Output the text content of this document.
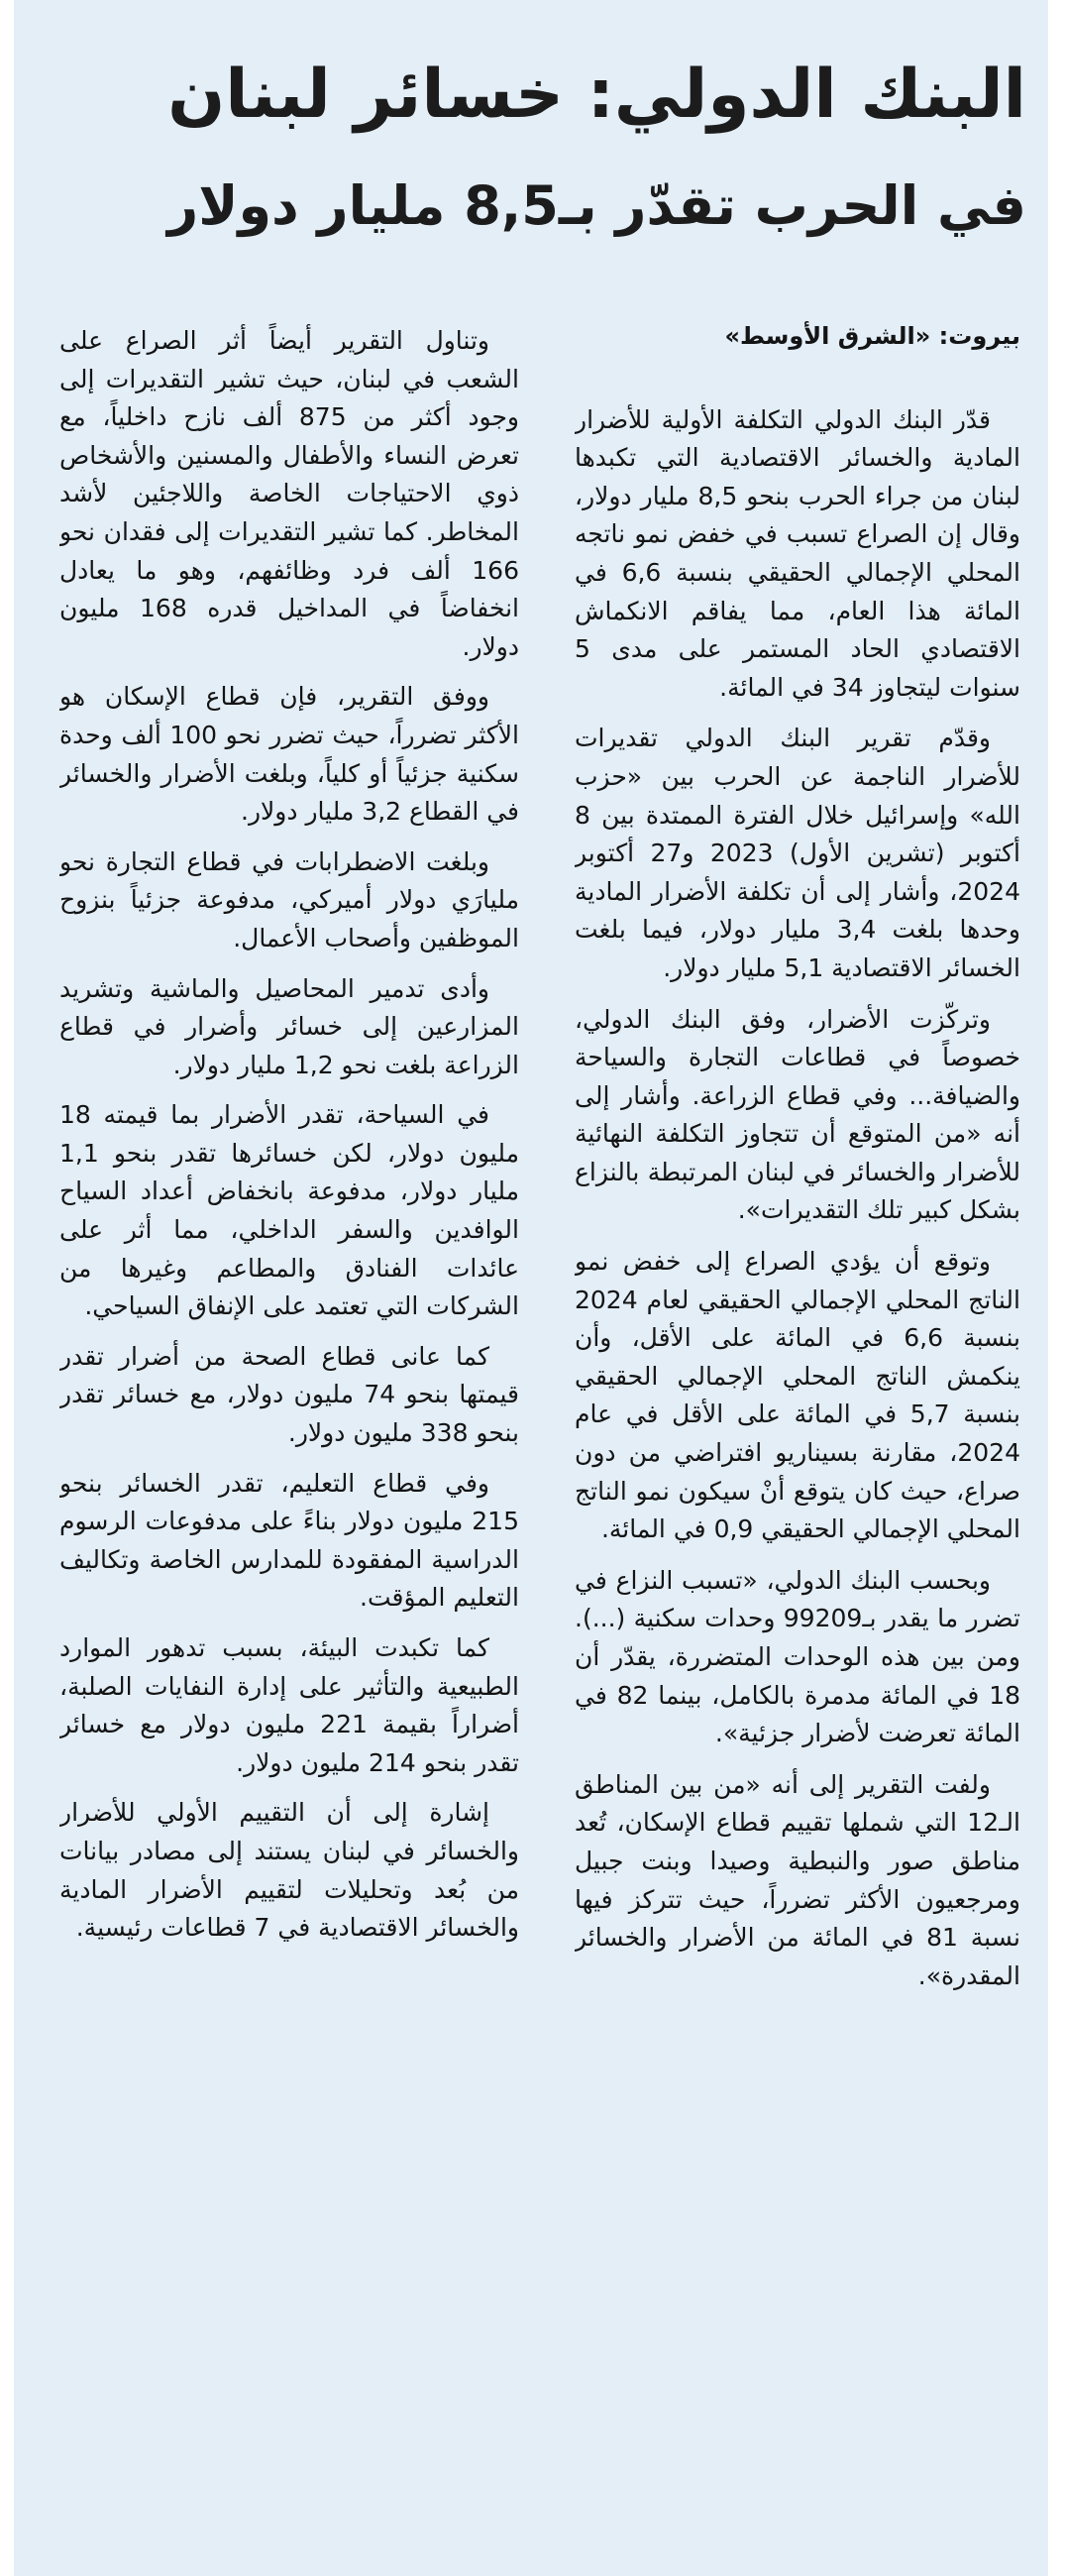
البنك الدولي: خسائر لبنان
في الحرب تقدّر بـ8,5 مليار دولار
بيروت: «الشرق الأوسط»

قدّر البنك الدولي التكلفة الأولية للأضرار المادية والخسائر الاقتصادية التي تكبدها لبنان من جراء الحرب بنحو 8,5 مليار دولار، وقال إن الصراع تسبب في خفض نمو ناتجه المحلي الإجمالي الحقيقي بنسبة 6,6 في المائة هذا العام، مما يفاقم الانكماش الاقتصادي الحاد المستمر على مدى 5 سنوات ليتجاوز 34 في المائة.

وقدّم تقرير البنك الدولي تقديرات للأضرار الناجمة عن الحرب بين «حزب الله» وإسرائيل خلال الفترة الممتدة بين 8 أكتوبر (تشرين الأول) 2023 و27 أكتوبر 2024، وأشار إلى أن تكلفة الأضرار المادية وحدها بلغت 3,4 مليار دولار، فيما بلغت الخسائر الاقتصادية 5,1 مليار دولار.

وتركّزت الأضرار، وفق البنك الدولي، خصوصاً في قطاعات التجارة والسياحة والضيافة... وفي قطاع الزراعة. وأشار إلى أنه «من المتوقع أن تتجاوز التكلفة النهائية للأضرار والخسائر في لبنان المرتبطة بالنزاع بشكل كبير تلك التقديرات».

وتوقع أن يؤدي الصراع إلى خفض نمو الناتج المحلي الإجمالي الحقيقي لعام 2024 بنسبة 6,6 في المائة على الأقل، وأن ينكمش الناتج المحلي الإجمالي الحقيقي بنسبة 5,7 في المائة على الأقل في عام 2024، مقارنة بسيناريو افتراضي من دون صراع، حيث كان يتوقع أنْ سيكون نمو الناتج المحلي الإجمالي الحقيقي 0,9 في المائة.

وبحسب البنك الدولي، «تسبب النزاع في تضرر ما يقدر بـ99209 وحدات سكنية (...). ومن بين هذه الوحدات المتضررة، يقدّر أن 18 في المائة مدمرة بالكامل، بينما 82 في المائة تعرضت لأضرار جزئية».

ولفت التقرير إلى أنه «من بين المناطق الـ12 التي شملها تقييم قطاع الإسكان، تُعد مناطق صور والنبطية وصيدا وبنت جبيل ومرجعيون الأكثر تضرراً، حيث تتركز فيها نسبة 81 في المائة من الأضرار والخسائر المقدرة».

وتناول التقرير أيضاً أثر الصراع على الشعب في لبنان، حيث تشير التقديرات إلى وجود أكثر من 875 ألف نازح داخلياً، مع تعرض النساء والأطفال والمسنين والأشخاص ذوي الاحتياجات الخاصة واللاجئين لأشد المخاطر. كما تشير التقديرات إلى فقدان نحو 166 ألف فرد وظائفهم، وهو ما يعادل انخفاضاً في المداخيل قدره 168 مليون دولار.

ووفق التقرير، فإن قطاع الإسكان هو الأكثر تضرراً، حيث تضرر نحو 100 ألف وحدة سكنية جزئياً أو كلياً، وبلغت الأضرار والخسائر في القطاع 3,2 مليار دولار.

وبلغت الاضطرابات في قطاع التجارة نحو مليارَي دولار أميركي، مدفوعة جزئياً بنزوح الموظفين وأصحاب الأعمال.

وأدى تدمير المحاصيل والماشية وتشريد المزارعين إلى خسائر وأضرار في قطاع الزراعة بلغت نحو 1,2 مليار دولار.

في السياحة، تقدر الأضرار بما قيمته 18 مليون دولار، لكن خسائرها تقدر بنحو 1,1 مليار دولار، مدفوعة بانخفاض أعداد السياح الوافدين والسفر الداخلي، مما أثر على عائدات الفنادق والمطاعم وغيرها من الشركات التي تعتمد على الإنفاق السياحي.

كما عانى قطاع الصحة من أضرار تقدر قيمتها بنحو 74 مليون دولار، مع خسائر تقدر بنحو 338 مليون دولار.

وفي قطاع التعليم، تقدر الخسائر بنحو 215 مليون دولار بناءً على مدفوعات الرسوم الدراسية المفقودة للمدارس الخاصة وتكاليف التعليم المؤقت.

كما تكبدت البيئة، بسبب تدهور الموارد الطبيعية والتأثير على إدارة النفايات الصلبة، أضراراً بقيمة 221 مليون دولار مع خسائر تقدر بنحو 214 مليون دولار.

إشارة إلى أن التقييم الأولي للأضرار والخسائر في لبنان يستند إلى مصادر بيانات من بُعد وتحليلات لتقييم الأضرار المادية والخسائر الاقتصادية في 7 قطاعات رئيسية.
